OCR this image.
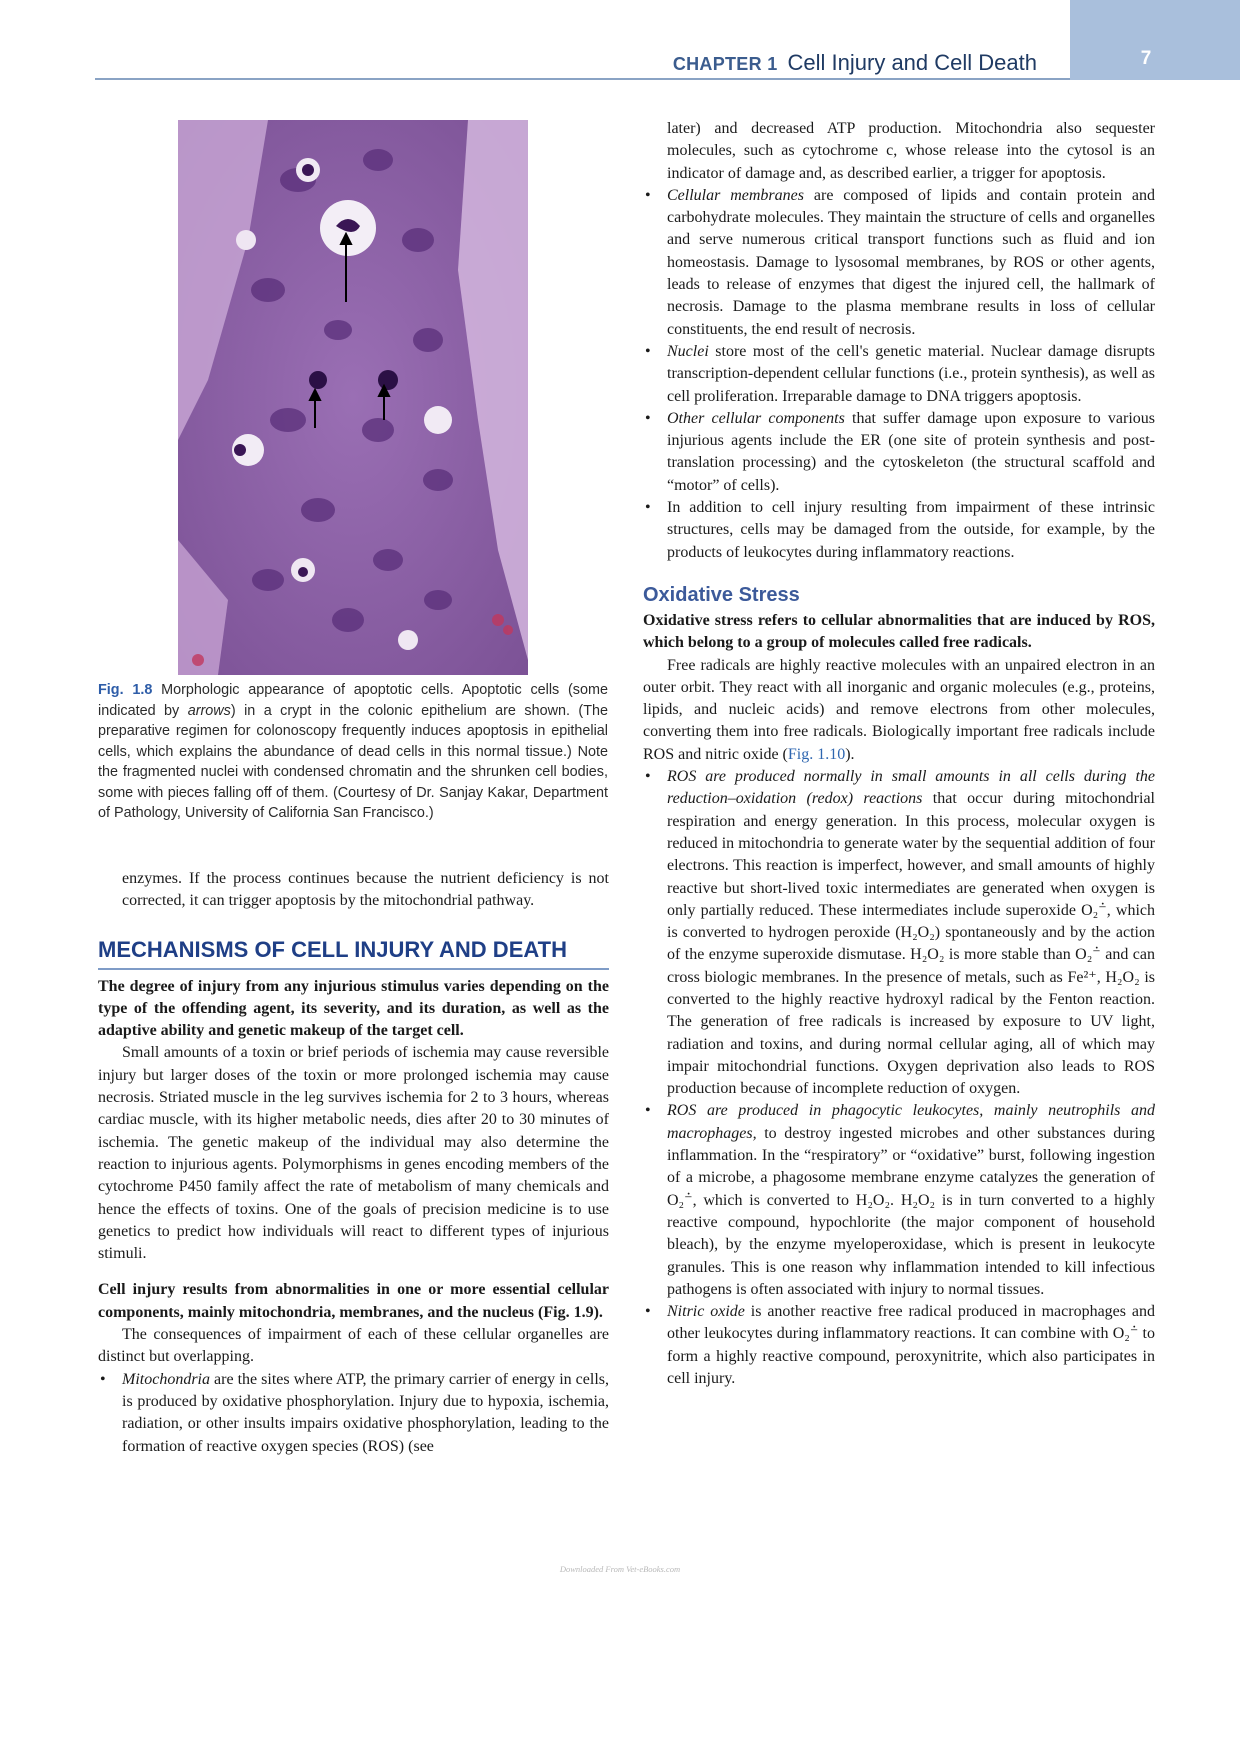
7
CHAPTER 1 Cell Injury and Cell Death
Fig. 1.8 Morphologic appearance of apoptotic cells. Apoptotic cells (some indicated by arrows) in a crypt in the colonic epithelium are shown. (The preparative regimen for colonoscopy frequently induces apoptosis in epithelial cells, which explains the abundance of dead cells in this normal tissue.) Note the fragmented nuclei with condensed chromatin and the shrunken cell bodies, some with pieces falling off of them. (Courtesy of Dr. Sanjay Kakar, Department of Pathology, University of California San Francisco.)

enzymes. If the process continues because the nutrient deficiency is not corrected, it can trigger apoptosis by the mitochondrial pathway.

MECHANISMS OF CELL INJURY AND DEATH

The degree of injury from any injurious stimulus varies depending on the type of the offending agent, its severity, and its duration, as well as the adaptive ability and genetic makeup of the target cell.

Small amounts of a toxin or brief periods of ischemia may cause reversible injury but larger doses of the toxin or more prolonged ischemia may cause necrosis. Striated muscle in the leg survives ischemia for 2 to 3 hours, whereas cardiac muscle, with its higher metabolic needs, dies after 20 to 30 minutes of ischemia. The genetic makeup of the individual may also determine the reaction to injurious agents. Polymorphisms in genes encoding members of the cytochrome P450 family affect the rate of metabolism of many chemicals and hence the effects of toxins. One of the goals of precision medicine is to use genetics to predict how individuals will react to different types of injurious stimuli.

Cell injury results from abnormalities in one or more essential cellular components, mainly mitochondria, membranes, and the nucleus (Fig. 1.9).

The consequences of impairment of each of these cellular organelles are distinct but overlapping.

• Mitochondria are the sites where ATP, the primary carrier of energy in cells, is produced by oxidative phosphorylation. Injury due to hypoxia, ischemia, radiation, or other insults impairs oxidative phosphorylation, leading to the formation of reactive oxygen species (ROS) (see
later) and decreased ATP production. Mitochondria also sequester molecules, such as cytochrome c, whose release into the cytosol is an indicator of damage and, as described earlier, a trigger for apoptosis.
• Cellular membranes are composed of lipids and contain protein and carbohydrate molecules. They maintain the structure of cells and organelles and serve numerous critical transport functions such as fluid and ion homeostasis. Damage to lysosomal membranes, by ROS or other agents, leads to release of enzymes that digest the injured cell, the hallmark of necrosis. Damage to the plasma membrane results in loss of cellular constituents, the end result of necrosis.
• Nuclei store most of the cell's genetic material. Nuclear damage disrupts transcription-dependent cellular functions (i.e., protein synthesis), as well as cell proliferation. Irreparable damage to DNA triggers apoptosis.
• Other cellular components that suffer damage upon exposure to various injurious agents include the ER (one site of protein synthesis and post-translation processing) and the cytoskeleton (the structural scaffold and “motor” of cells).
• In addition to cell injury resulting from impairment of these intrinsic structures, cells may be damaged from the outside, for example, by the products of leukocytes during inflammatory reactions.
Oxidative Stress

Oxidative stress refers to cellular abnormalities that are induced by ROS, which belong to a group of molecules called free radicals.

Free radicals are highly reactive molecules with an unpaired electron in an outer orbit. They react with all inorganic and organic molecules (e.g., proteins, lipids, and nucleic acids) and remove electrons from other molecules, converting them into free radicals. Biologically important free radicals include ROS and nitric oxide (Fig. 1.10).

• ROS are produced normally in small amounts in all cells during the reduction–oxidation (redox) reactions that occur during mitochondrial respiration and energy generation. In this process, molecular oxygen is reduced in mitochondria to generate water by the sequential addition of four electrons. This reaction is imperfect, however, and small amounts of highly reactive but short-lived toxic intermediates are generated when oxygen is only partially reduced. These intermediates include superoxide O₂⁻̇, which is converted to hydrogen peroxide (H₂O₂) spontaneously and by the action of the enzyme superoxide dismutase. H₂O₂ is more stable than O₂⁻̇ and can cross biologic membranes. In the presence of metals, such as Fe²⁺, H₂O₂ is converted to the highly reactive hydroxyl radical by the Fenton reaction. The generation of free radicals is increased by exposure to UV light, radiation and toxins, and during normal cellular aging, all of which may impair mitochondrial functions. Oxygen deprivation also leads to ROS production because of incomplete reduction of oxygen.
• ROS are produced in phagocytic leukocytes, mainly neutrophils and macrophages, to destroy ingested microbes and other substances during inflammation. In the “respiratory” or “oxidative” burst, following ingestion of a microbe, a phagosome membrane enzyme catalyzes the generation of O₂⁻̇, which is converted to H₂O₂. H₂O₂ is in turn converted to a highly reactive compound, hypochlorite (the major component of household bleach), by the enzyme myeloperoxidase, which is present in leukocyte granules. This is one reason why inflammation intended to kill infectious pathogens is often associated with injury to normal tissues.
• Nitric oxide is another reactive free radical produced in macrophages and other leukocytes during inflammatory reactions. It can combine with O₂⁻̇ to form a highly reactive compound, peroxynitrite, which also participates in cell injury.
Downloaded From Vet-eBooks.com
